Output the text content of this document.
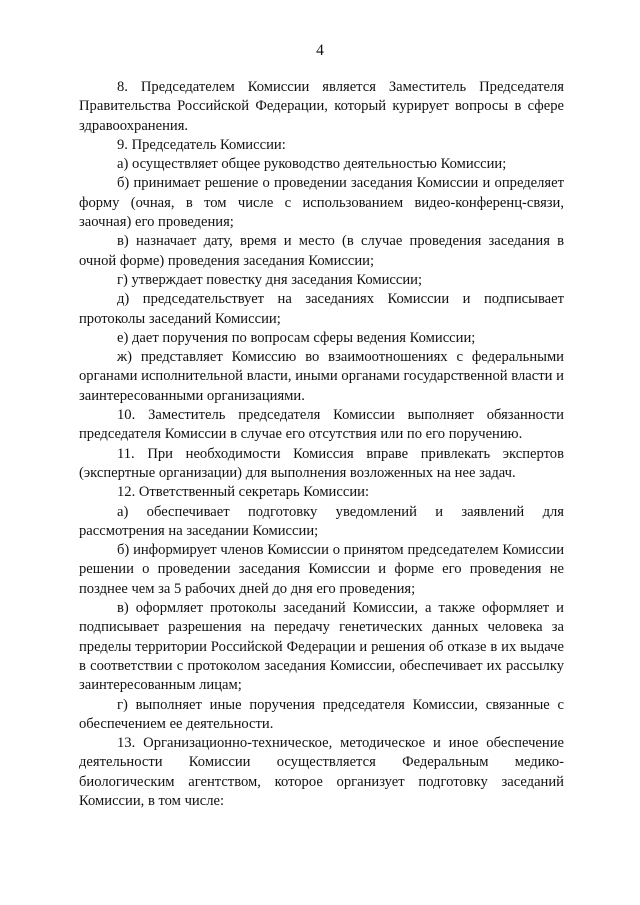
4

8. Председателем Комиссии является Заместитель Председателя Правительства Российской Федерации, который курирует вопросы в сфере здравоохранения.

9. Председатель Комиссии:

а) осуществляет общее руководство деятельностью Комиссии;

б) принимает решение о проведении заседания Комиссии и определяет форму (очная, в том числе с использованием видео-конференц-связи, заочная) его проведения;

в) назначает дату, время и место (в случае проведения заседания в очной форме) проведения заседания Комиссии;

г) утверждает повестку дня заседания Комиссии;

д) председательствует на заседаниях Комиссии и подписывает протоколы заседаний Комиссии;

е) дает поручения по вопросам сферы ведения Комиссии;

ж) представляет Комиссию во взаимоотношениях с федеральными органами исполнительной власти, иными органами государственной власти и заинтересованными организациями.

10. Заместитель председателя Комиссии выполняет обязанности председателя Комиссии в случае его отсутствия или по его поручению.

11. При необходимости Комиссия вправе привлекать экспертов (экспертные организации) для выполнения возложенных на нее задач.

12. Ответственный секретарь Комиссии:

а) обеспечивает подготовку уведомлений и заявлений для рассмотрения на заседании Комиссии;

б) информирует членов Комиссии о принятом председателем Комиссии решении о проведении заседания Комиссии и форме его проведения не позднее чем за 5 рабочих дней до дня его проведения;

в) оформляет протоколы заседаний Комиссии, а также оформляет и подписывает разрешения на передачу генетических данных человека за пределы территории Российской Федерации и решения об отказе в их выдаче в соответствии с протоколом заседания Комиссии, обеспечивает их рассылку заинтересованным лицам;

г) выполняет иные поручения председателя Комиссии, связанные с обеспечением ее деятельности.

13. Организационно-техническое, методическое и иное обеспечение деятельности Комиссии осуществляется Федеральным медико-биологическим агентством, которое организует подготовку заседаний Комиссии, в том числе:
